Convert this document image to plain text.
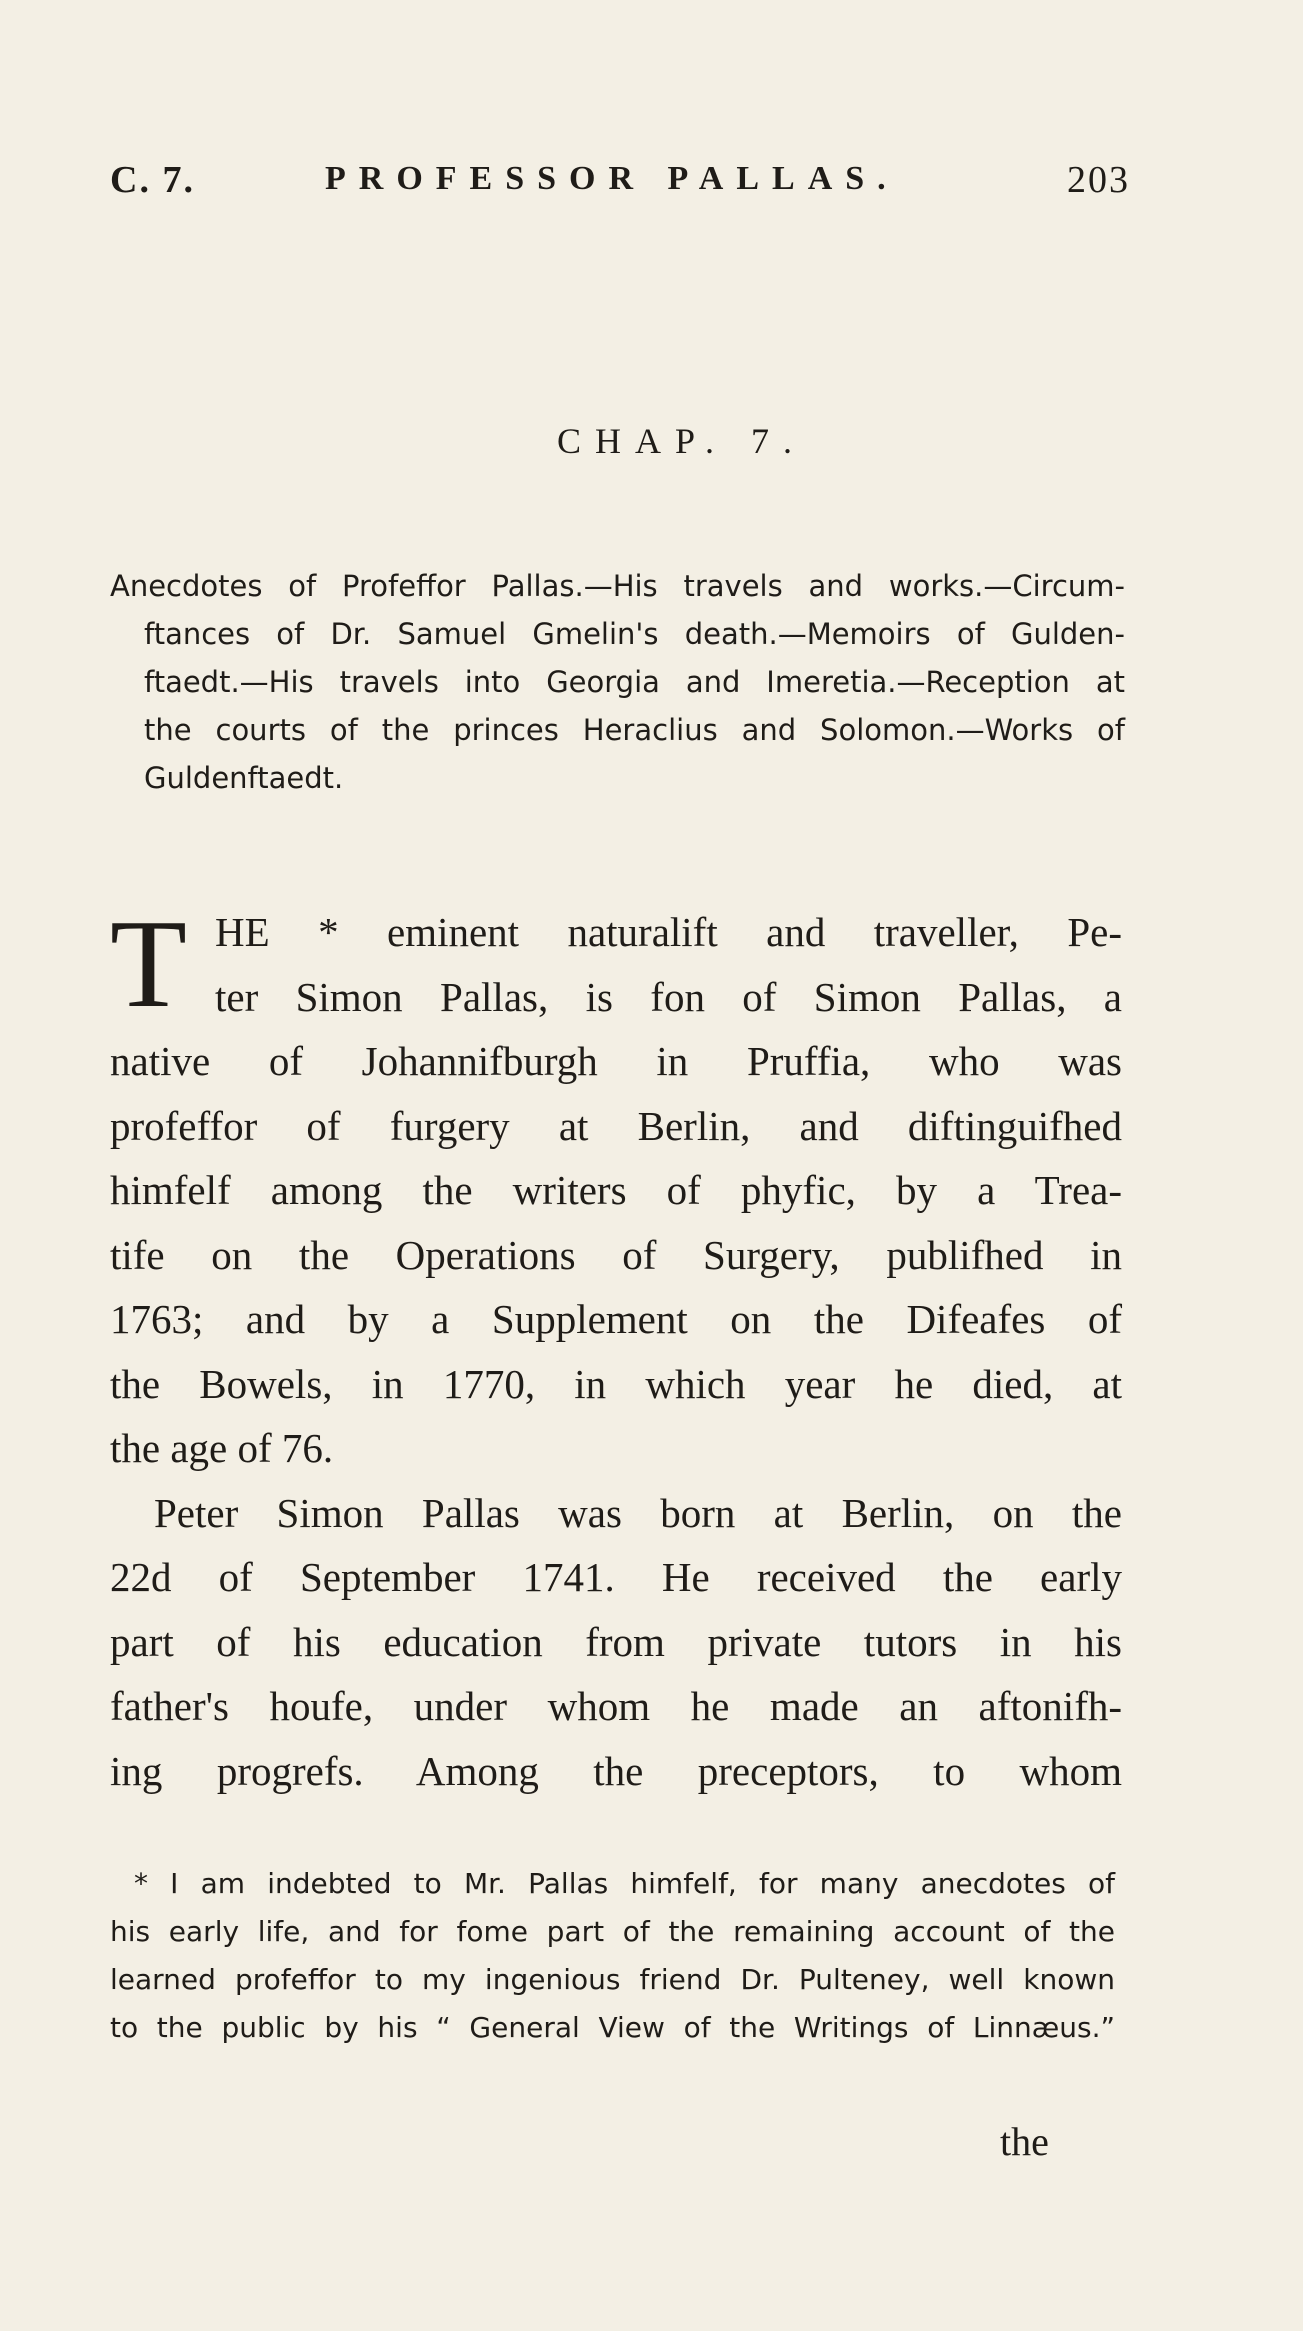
C. 7.	PROFESSOR PALLAS.	203
CHAP. 7.
Anecdotes of Profeffor Pallas.—His travels and works.—Circum-
ftances of Dr. Samuel Gmelin's death.—Memoirs of Gulden-
ftaedt.—His travels into Georgia and Imeretia.—Reception at
the courts of the princes Heraclius and Solomon.—Works of
Guldenftaedt.
T HE * eminent naturalift and traveller, Pe-
ter Simon Pallas, is fon of Simon Pallas, a
native of Johannifburgh in Pruffia, who was
profeffor of furgery at Berlin, and diftinguifhed
himfelf among the writers of phyfic, by a Trea-
tife on the Operations of Surgery, publifhed in
1763; and by a Supplement on the Difeafes of
the Bowels, in 1770, in which year he died, at
the age of 76.
Peter Simon Pallas was born at Berlin, on the
22d of September 1741. He received the early
part of his education from private tutors in his
father's houfe, under whom he made an aftonifh-
ing progrefs. Among the preceptors, to whom
* I am indebted to Mr. Pallas himfelf, for many anecdotes of
his early life, and for fome part of the remaining account of the
learned profeffor to my ingenious friend Dr. Pulteney, well known
to the public by his “ General View of the Writings of Linnæus.”
the
